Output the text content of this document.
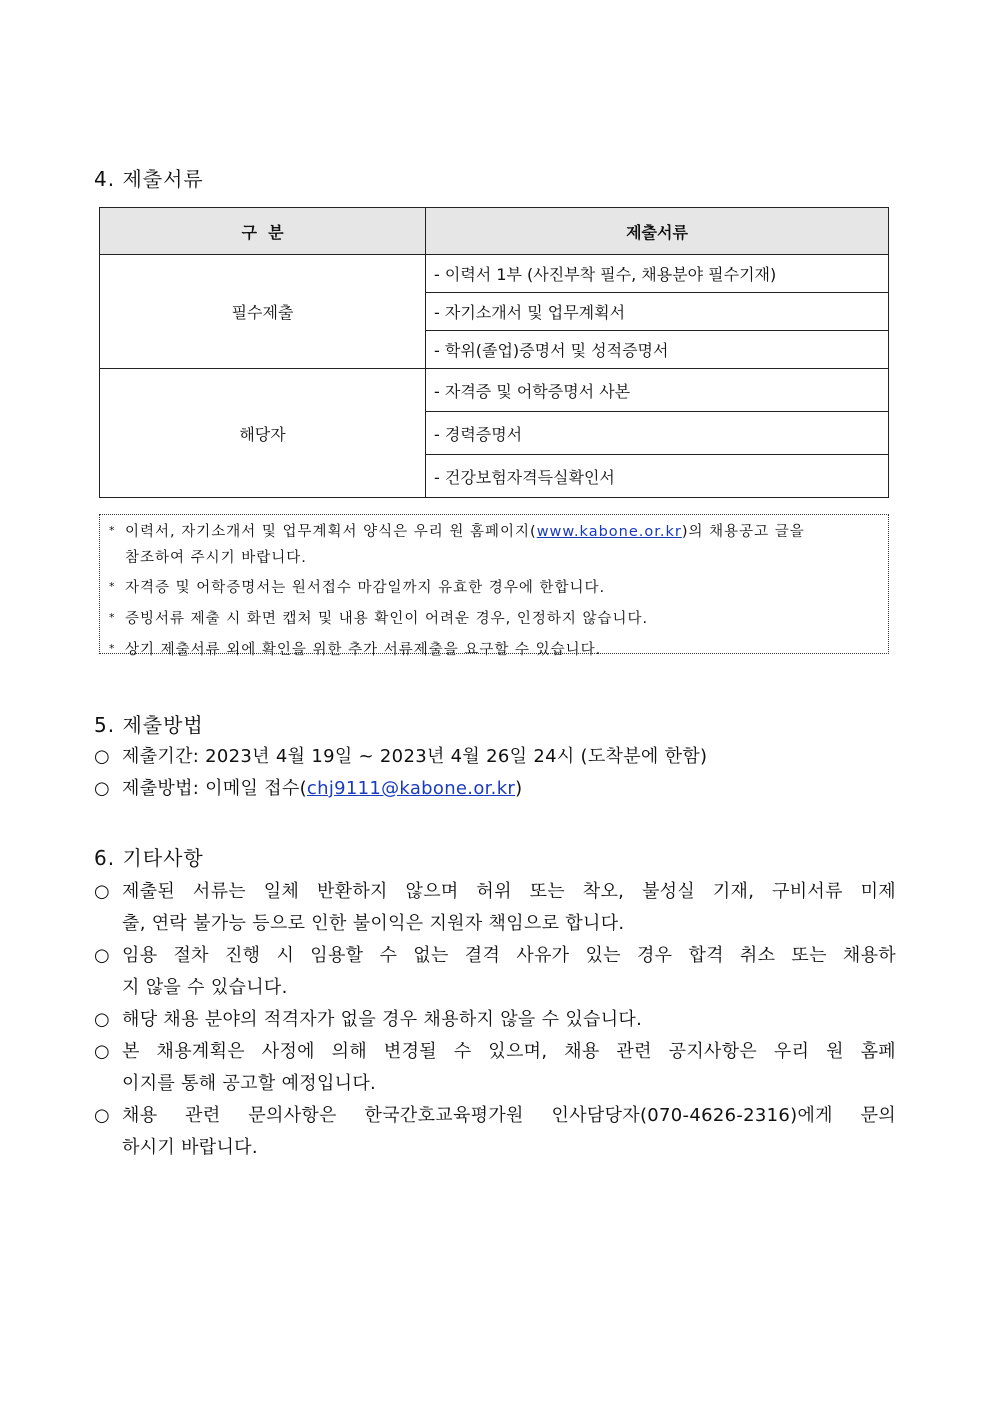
4. 제출서류
구  분	제출서류
필수제출	- 이력서 1부 (사진부착 필수, 채용분야 필수기재)
	- 자기소개서 및 업무계획서
	- 학위(졸업)증명서 및 성적증명서
해당자	- 자격증 및 어학증명서 사본
	- 경력증명서
	- 건강보험자격득실확인서
* 이력서, 자기소개서 및 업무계획서 양식은 우리 원 홈페이지(www.kabone.or.kr)의 채용공고 글을
참조하여 주시기 바랍니다.
* 자격증 및 어학증명서는 원서접수 마감일까지 유효한 경우에 한합니다.
* 증빙서류 제출 시 화면 캡처 및 내용 확인이 어려운 경우, 인정하지 않습니다.
* 상기 제출서류 외에 확인을 위한 추가 서류제출을 요구할 수 있습니다.
5. 제출방법
○ 제출기간: 2023년 4월 19일 ~ 2023년 4월 26일 24시 (도착분에 한함)
○ 제출방법: 이메일 접수(chj9111@kabone.or.kr)
6. 기타사항
○ 제출된 서류는 일체 반환하지 않으며 허위 또는 착오, 불성실 기재, 구비서류 미제
출, 연락 불가능 등으로 인한 불이익은 지원자 책임으로 합니다.
○ 임용 절차 진행 시 임용할 수 없는 결격 사유가 있는 경우 합격 취소 또는 채용하
지 않을 수 있습니다.
○ 해당 채용 분야의 적격자가 없을 경우 채용하지 않을 수 있습니다.
○ 본 채용계획은 사정에 의해 변경될 수 있으며, 채용 관련 공지사항은 우리 원 홈페
이지를 통해 공고할 예정입니다.
○ 채용 관련 문의사항은 한국간호교육평가원 인사담당자(070-4626-2316)에게 문의
하시기 바랍니다.
